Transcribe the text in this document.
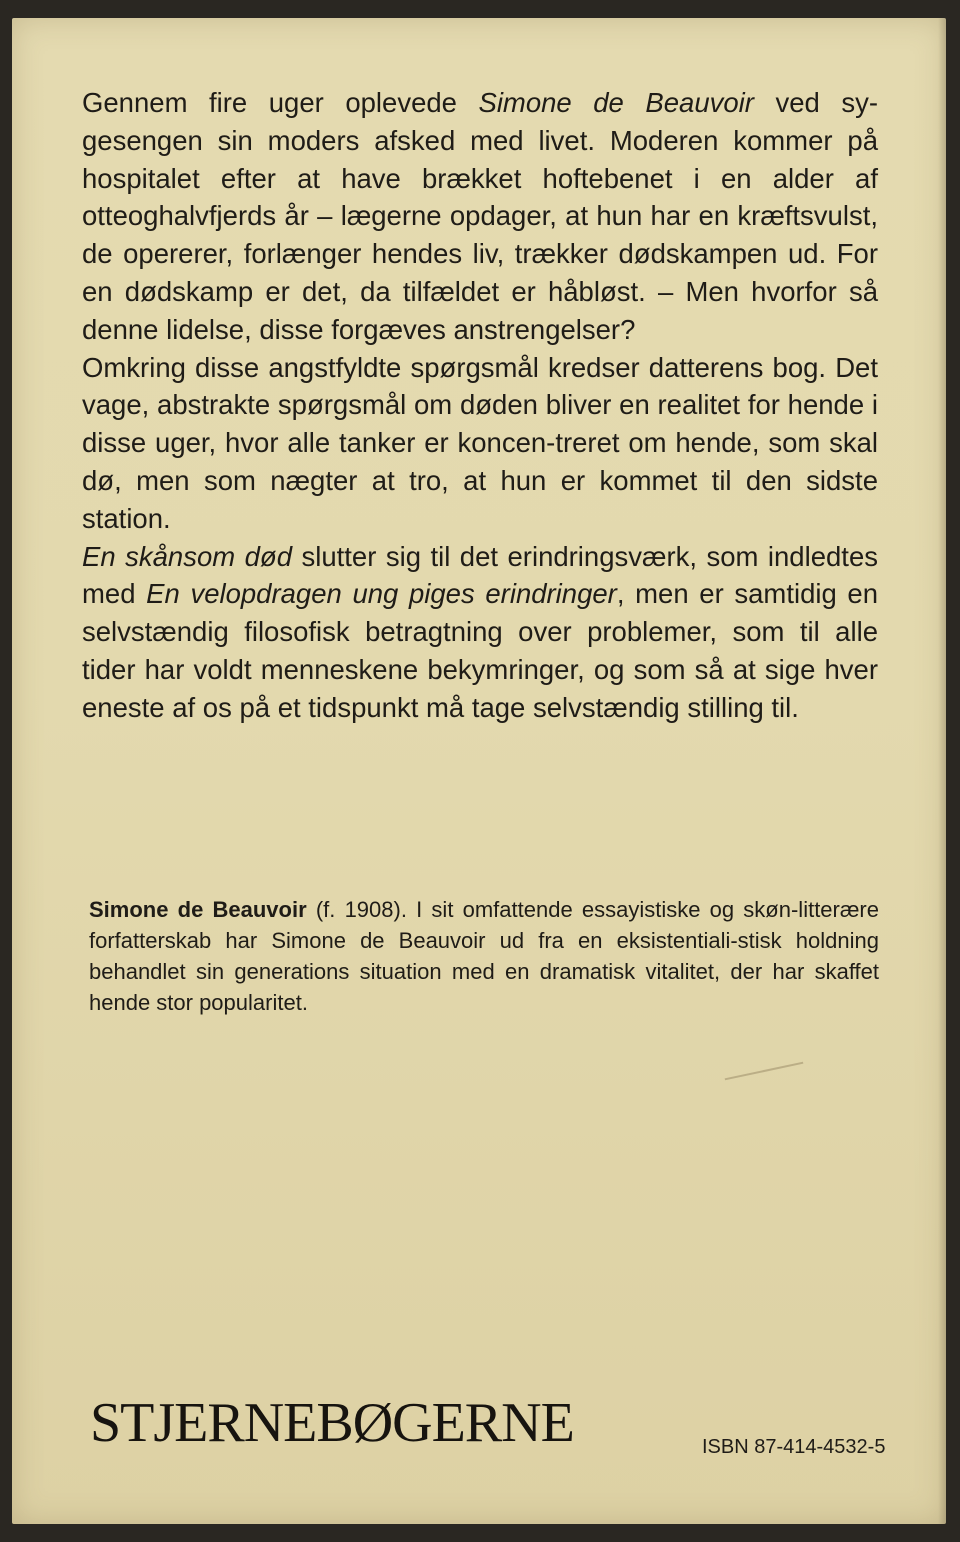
Gennem fire uger oplevede Simone de Beauvoir ved sy-gesengen sin moders afsked med livet. Moderen kommer på hospitalet efter at have brækket hoftebenet i en alder af otteoghalvfjerds år – lægerne opdager, at hun har en kræftsvulst, de opererer, forlænger hendes liv, trækker dødskampen ud. For en dødskamp er det, da tilfældet er håbløst. – Men hvorfor så denne lidelse, disse forgæves anstrengelser?

Omkring disse angstfyldte spørgsmål kredser datterens bog. Det vage, abstrakte spørgsmål om døden bliver en realitet for hende i disse uger, hvor alle tanker er koncen-treret om hende, som skal dø, men som nægter at tro, at hun er kommet til den sidste station.

En skånsom død slutter sig til det erindringsværk, som indledtes med En velopdragen ung piges erindringer, men er samtidig en selvstændig filosofisk betragtning over problemer, som til alle tider har voldt menneskene bekymringer, og som så at sige hver eneste af os på et tidspunkt må tage selvstændig stilling til.

Simone de Beauvoir (f. 1908). I sit omfattende essayistiske og skøn-litterære forfatterskab har Simone de Beauvoir ud fra en eksistentiali-stisk holdning behandlet sin generations situation med en dramatisk vitalitet, der har skaffet hende stor popularitet.

STJERNEBØGERNE	ISBN 87-414-4532-5
